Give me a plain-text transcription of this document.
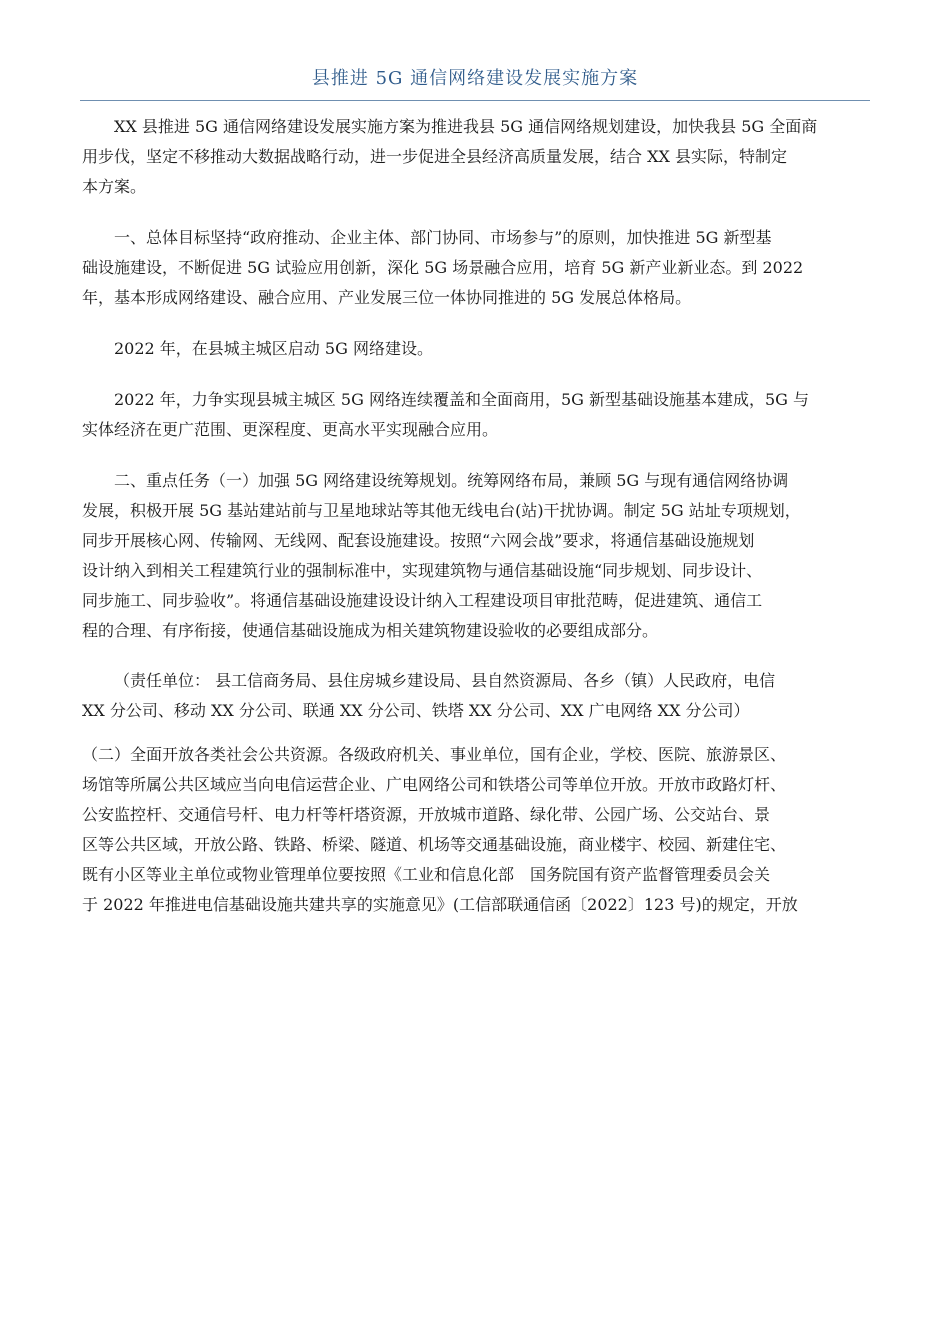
县推进 5G 通信网络建设发展实施方案
XX 县推进 5G 通信网络建设发展实施方案为推进我县 5G 通信网络规划建设，加快我县 5G 全面商
用步伐，坚定不移推动大数据战略行动，进一步促进全县经济高质量发展，结合 XX 县实际，特制定
本方案。
一、总体目标坚持“政府推动、企业主体、部门协同、市场参与”的原则，加快推进 5G 新型基
础设施建设，不断促进 5G 试验应用创新，深化 5G 场景融合应用，培育 5G 新产业新业态。到 2022
年，基本形成网络建设、融合应用、产业发展三位一体协同推进的 5G 发展总体格局。
2022 年，在县城主城区启动 5G 网络建设。
2022 年，力争实现县城主城区 5G 网络连续覆盖和全面商用，5G 新型基础设施基本建成，5G 与
实体经济在更广范围、更深程度、更高水平实现融合应用。
二、重点任务（一）加强 5G 网络建设统筹规划。统筹网络布局，兼顾 5G 与现有通信网络协调
发展，积极开展 5G 基站建站前与卫星地球站等其他无线电台(站)干扰协调。制定 5G 站址专项规划，
同步开展核心网、传输网、无线网、配套设施建设。按照“六网会战”要求，将通信基础设施规划
设计纳入到相关工程建筑行业的强制标准中，实现建筑物与通信基础设施“同步规划、同步设计、
同步施工、同步验收”。将通信基础设施建设设计纳入工程建设项目审批范畴，促进建筑、通信工
程的合理、有序衔接，使通信基础设施成为相关建筑物建设验收的必要组成部分。
（责任单位： 县工信商务局、县住房城乡建设局、县自然资源局、各乡（镇）人民政府，电信
XX 分公司、移动 XX 分公司、联通 XX 分公司、铁塔 XX 分公司、XX 广电网络 XX 分公司）
（二）全面开放各类社会公共资源。各级政府机关、事业单位，国有企业，学校、医院、旅游景区、
场馆等所属公共区域应当向电信运营企业、广电网络公司和铁塔公司等单位开放。开放市政路灯杆、
公安监控杆、交通信号杆、电力杆等杆塔资源，开放城市道路、绿化带、公园广场、公交站台、景
区等公共区域，开放公路、铁路、桥梁、隧道、机场等交通基础设施，商业楼宇、校园、新建住宅、
既有小区等业主单位或物业管理单位要按照《工业和信息化部　国务院国有资产监督管理委员会关
于 2022 年推进电信基础设施共建共享的实施意见》(工信部联通信函〔2022〕123 号)的规定，开放
